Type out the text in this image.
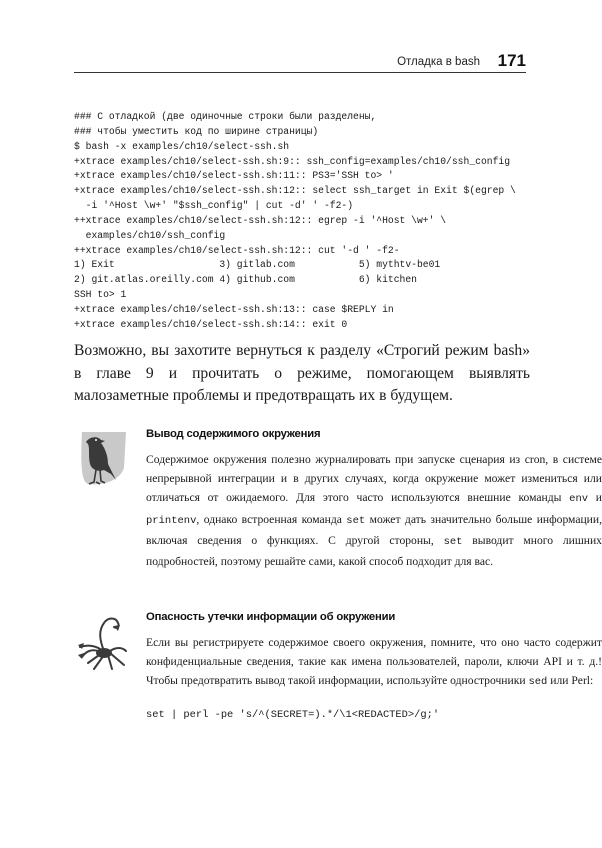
Отладка в bash 171
### С отладкой (две одиночные строки были разделены,
### чтобы уместить код по ширине страницы)
$ bash -x examples/ch10/select-ssh.sh
+xtrace examples/ch10/select-ssh.sh:9:: ssh_config=examples/ch10/ssh_config
+xtrace examples/ch10/select-ssh.sh:11:: PS3='SSH to> '
+xtrace examples/ch10/select-ssh.sh:12:: select ssh_target in Exit $(egrep \
-i '^Host \w+' "$ssh_config" | cut -d' ' -f2-)
++xtrace examples/ch10/select-ssh.sh:12:: egrep -i '^Host \w+' \
examples/ch10/ssh_config
++xtrace examples/ch10/select-ssh.sh:12:: cut '-d ' -f2-
1) Exit                  3) gitlab.com           5) mythtv-be01
2) git.atlas.oreilly.com 4) github.com           6) kitchen
SSH to> 1
+xtrace examples/ch10/select-ssh.sh:13:: case $REPLY in
+xtrace examples/ch10/select-ssh.sh:14:: exit 0

Возможно, вы захотите вернуться к разделу «Строгий режим bash» в главе 9 и прочитать о режиме, помогающем выявлять малозаметные проблемы и предотвращать их в будущем.

Вывод содержимого окружения

Содержимое окружения полезно журналировать при запуске сценария из cron, в системе непрерывной интеграции и в других случаях, когда окружение может измениться или отличаться от ожидаемого. Для этого часто используются внешние команды env и printenv, однако встроенная команда set может дать значительно больше информации, включая сведения о функциях. С другой стороны, set выводит много лишних подробностей, поэтому решайте сами, какой способ подходит для вас.

Опасность утечки информации об окружении

Если вы регистрируете содержимое своего окружения, помните, что оно часто содержит конфиденциальные сведения, такие как имена пользователей, пароли, ключи API и т. д.! Чтобы предотвратить вывод такой информации, используйте однострочники sed или Perl:

set | perl -pe 's/^(SECRET=).*/\1<REDACTED>/g;'
